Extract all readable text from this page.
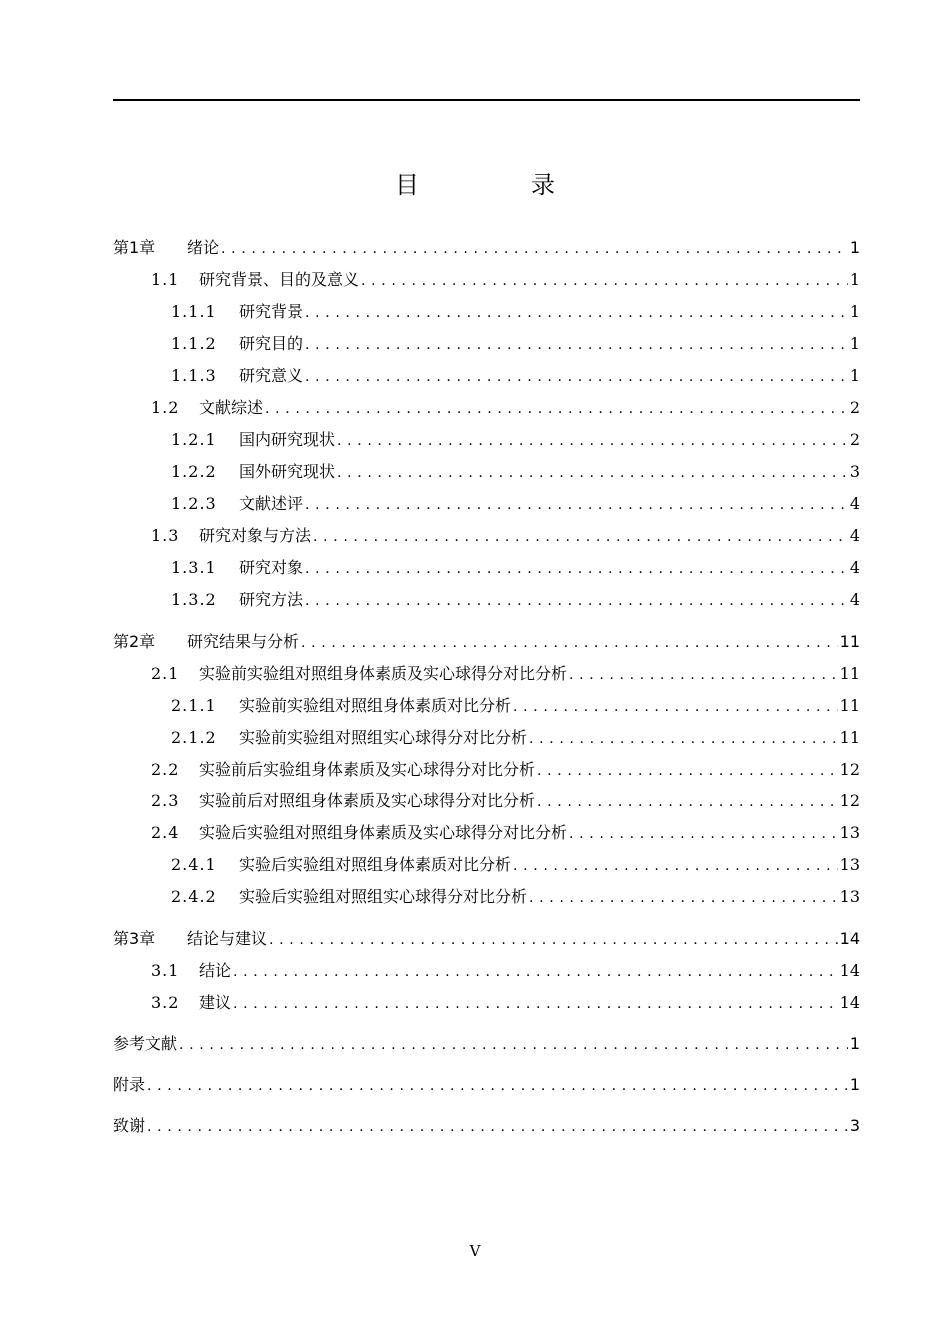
目　录
第1章	绪论 . . .	1
1.1	研究背景、目的及意义 . . .	1
1.1.1	研究背景 . . .	1
1.1.2	研究目的 . . .	1
1.1.3	研究意义 . . .	1
1.2	文献综述 . . .	2
1.2.1	国内研究现状 . . .	2
1.2.2	国外研究现状 . . .	3
1.2.3	文献述评 . . .	4
1.3	研究对象与方法 . . .	4
1.3.1	研究对象 . . .	4
1.3.2	研究方法 . . .	4
第2章	研究结果与分析 . . .	11
2.1	实验前实验组对照组身体素质及实心球得分对比分析 . . .	11
2.1.1	实验前实验组对照组身体素质对比分析 . . .	11
2.1.2	实验前实验组对照组实心球得分对比分析 . . .	11
2.2	实验前后实验组身体素质及实心球得分对比分析 . . .	12
2.3	实验前后对照组身体素质及实心球得分对比分析 . . .	12
2.4	实验后实验组对照组身体素质及实心球得分对比分析 . . .	13
2.4.1	实验后实验组对照组身体素质对比分析 . . .	13
2.4.2	实验后实验组对照组实心球得分对比分析 . . .	13
第3章	结论与建议 . . .	14
3.1	结论 . . .	14
3.2	建议 . . .	14
参考文献 . . .	1
附录 . . .	1
致谢 . . .	3
V
